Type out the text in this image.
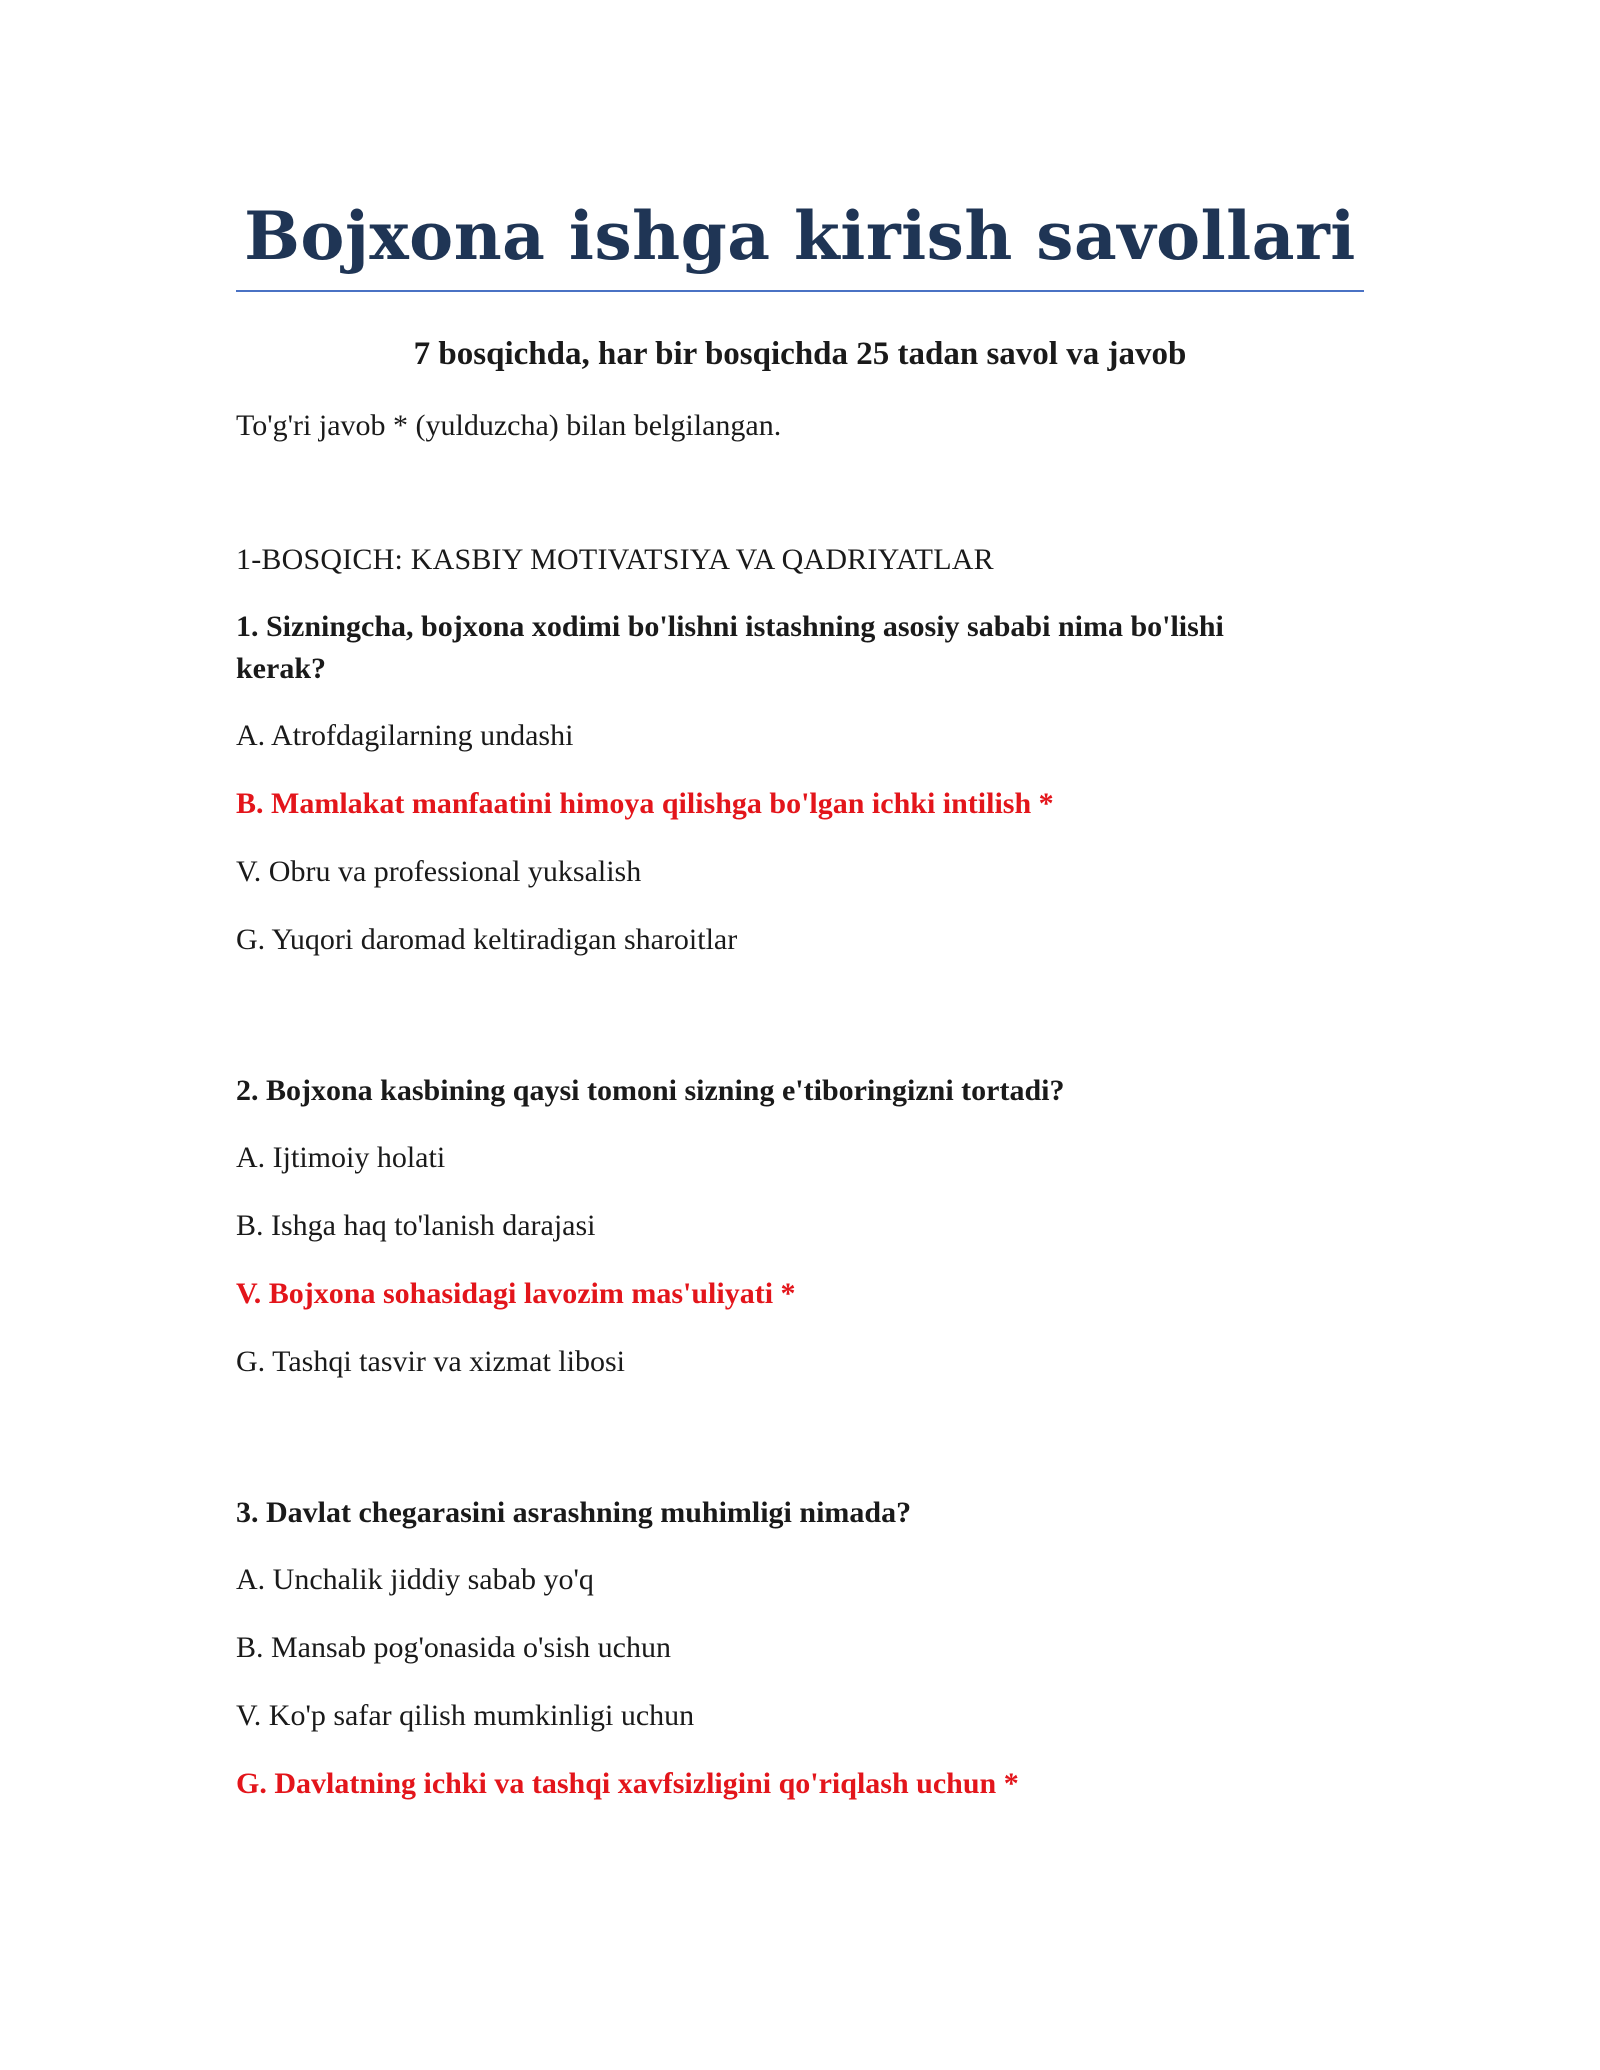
Bojxona ishga kirish savollari

7 bosqichda, har bir bosqichda 25 tadan savol va javob

To'g'ri javob * (yulduzcha) bilan belgilangan.

1-BOSQICH: KASBIY MOTIVATSIYA VA QADRIYATLAR

1. Sizningcha, bojxona xodimi bo'lishni istashning asosiy sababi nima bo'lishi kerak?

A. Atrofdagilarning undashi

B. Mamlakat manfaatini himoya qilishga bo'lgan ichki intilish *

V. Obru va professional yuksalish

G. Yuqori daromad keltiradigan sharoitlar

2. Bojxona kasbining qaysi tomoni sizning e'tiboringizni tortadi?

A. Ijtimoiy holati

B. Ishga haq to'lanish darajasi

V. Bojxona sohasidagi lavozim mas'uliyati *

G. Tashqi tasvir va xizmat libosi

3. Davlat chegarasini asrashning muhimligi nimada?

A. Unchalik jiddiy sabab yo'q

B. Mansab pog'onasida o'sish uchun

V. Ko'p safar qilish mumkinligi uchun

G. Davlatning ichki va tashqi xavfsizligini qo'riqlash uchun *
